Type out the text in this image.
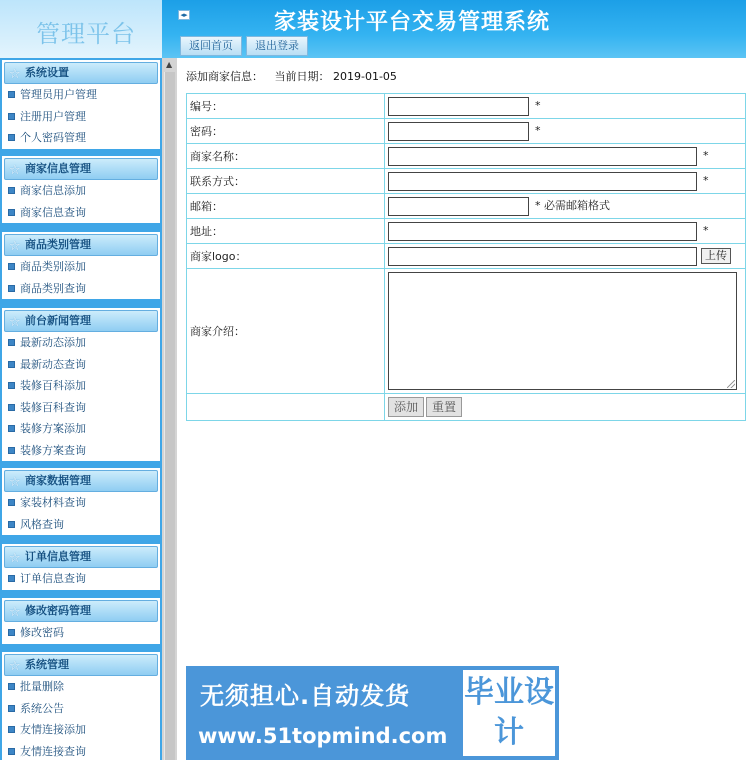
管理平台
◂▸	家装设计平台交易管理系统
返回首页	退出登录
☆ 系统设置
管理员用户管理
注册用户管理
个人密码管理
☆ 商家信息管理
商家信息添加
商家信息查询
☆ 商品类别管理
商品类别添加
商品类别查询
☆ 前台新闻管理
最新动态添加
最新动态查询
装修百科添加
装修百科查询
装修方案添加
装修方案查询
☆ 商家数据管理
家装材料查询
风格查询
☆ 订单信息管理
订单信息查询
☆ 修改密码管理
修改密码
☆ 系统管理
批量删除
系统公告
友情连接添加
友情连接查询
▲
添加商家信息： 当前日期： 2019-01-05
编号：	*
密码：	*
商家名称：	*
联系方式：	*
邮箱：	* 必需邮箱格式
地址：	*
商家logo：	上传
商家介绍：	

	添加 重置
无须担心.自动发货
www.51topmind.com
毕业设计
